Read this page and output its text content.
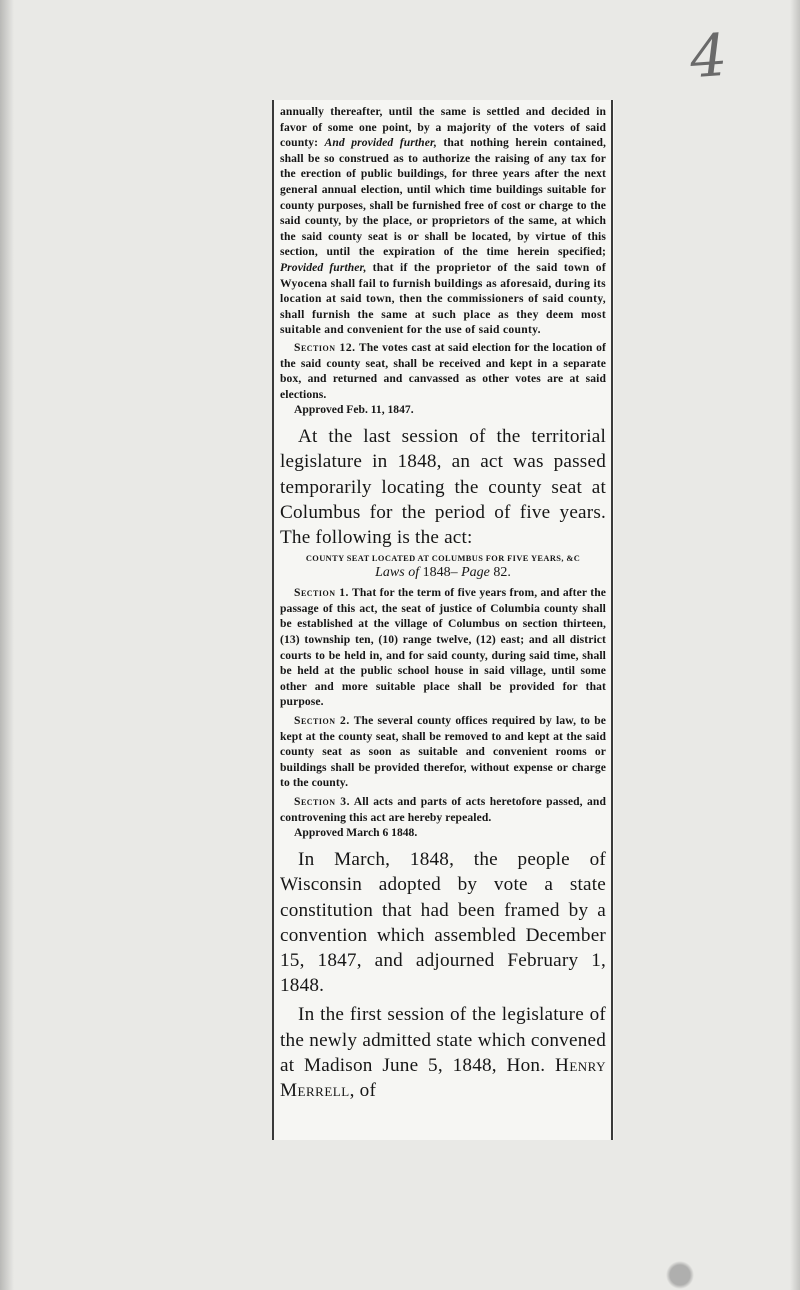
4

annually thereafter, until the same is settled and decided in favor of some one point, by a majority of the voters of said county: And provided further, that nothing herein contained, shall be so construed as to authorize the raising of any tax for the erection of public buildings, for three years after the next general annual election, until which time buildings suitable for county purposes, shall be furnished free of cost or charge to the said county, by the place, or proprietors of the same, at which the said county seat is or shall be located, by virtue of this section, until the expiration of the time herein specified; Provided further, that if the proprietor of the said town of Wyocena shall fail to furnish buildings as aforesaid, during its location at said town, then the commissioners of said county, shall furnish the same at such place as they deem most suitable and convenient for the use of said county.

Section 12. The votes cast at said election for the location of the said county seat, shall be received and kept in a separate box, and returned and canvassed as other votes are at said elections.

Approved Feb. 11, 1847.

At the last session of the territorial legislature in 1848, an act was passed temporarily locating the county seat at Columbus for the period of five years. The following is the act:

COUNTY SEAT LOCATED AT COLUMBUS FOR FIVE YEARS, &C

Laws of 1848– Page 82.

Section 1. That for the term of five years from, and after the passage of this act, the seat of justice of Columbia county shall be established at the village of Columbus on section thirteen, (13) township ten, (10) range twelve, (12) east; and all district courts to be held in, and for said county, during said time, shall be held at the public school house in said village, until some other and more suitable place shall be provided for that purpose.

Section 2. The several county offices required by law, to be kept at the county seat, shall be removed to and kept at the said county seat as soon as suitable and convenient rooms or buildings shall be provided therefor, without expense or charge to the county.

Section 3. All acts and parts of acts heretofore passed, and controvening this act are hereby repealed.

Approved March 6 1848.

In March, 1848, the people of Wisconsin adopted by vote a state constitution that had been framed by a convention which assembled December 15, 1847, and adjourned February 1, 1848.

In the first session of the legislature of the newly admitted state which convened at Madison June 5, 1848, Hon. Henry Merrell, of
